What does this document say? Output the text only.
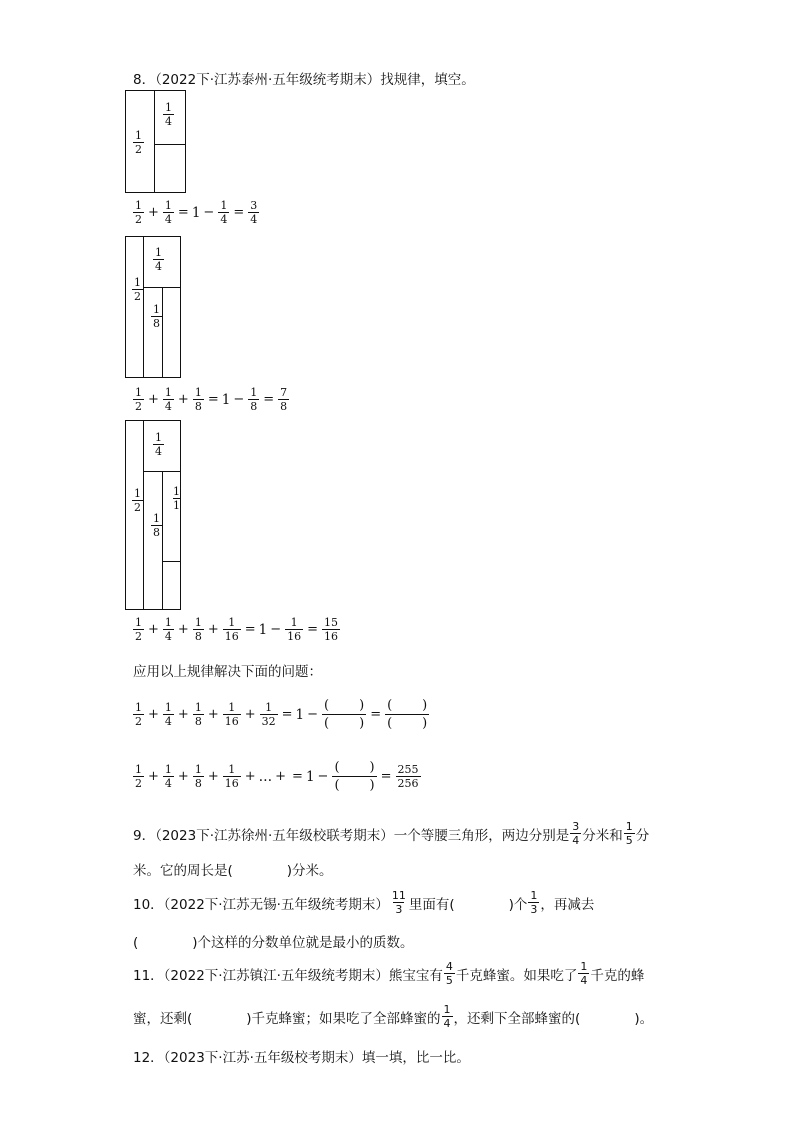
8．（2022下·江苏泰州·五年级统考期末）找规律，填空。
$\frac{1}{2}$
$\frac{1}{4}$
1
$2 + \frac{1}{4} = 1 - \frac{1}{4} = \frac{3}{4}$
$\frac{1}{2}$
$\frac{1}{4}$
$\frac{1}{8}$
1
$2 + \frac{1}{4} + \frac{1}{8} = 1 - \frac{1}{8} = \frac{7}{8}$
$\frac{1}{2}$
$\frac{1}{4}$
$\frac{1}{8}$
1
1
1
$2 + \frac{1}{4} + \frac{1}{8} + \frac{1}{16} = 1 - \frac{1}{16} = \frac{15}{16}$
应用以上规律解决下面的问题：
1
$2 + \frac{1}{4} + \frac{1}{8} + \frac{1}{16} + \frac{1}{32} = 1$ −
( )
( )
=
( )
( )
1
$2 + \frac{1}{4} + \frac{1}{8} + \frac{1}{16}$ + … + = 1 −
( )
( )
= $\frac{255}{256}$
9．（2023下·江苏徐州·五年级校联考期末）一个等腰三角形，两边分别是
3
4 分米和
1
5 分
米。它的周长是(　　　　)分米。
10．（2022下·江苏无锡·五年级统考期末）
11
3 里面有(　　　　)个
1
3 ，再减去
(　　　　)个这样的分数单位就是最小的质数。
11．（2022下·江苏镇江·五年级统考期末）熊宝宝有
4
5 千克蜂蜜。如果吃了
1
4 千克的蜂
蜜，还剩(　　　　)千克蜂蜜；如果吃了全部蜂蜜的
1
4 ，还剩下全部蜂蜜的(　　　　)。
12．（2023下·江苏·五年级校考期末）填一填，比一比。
